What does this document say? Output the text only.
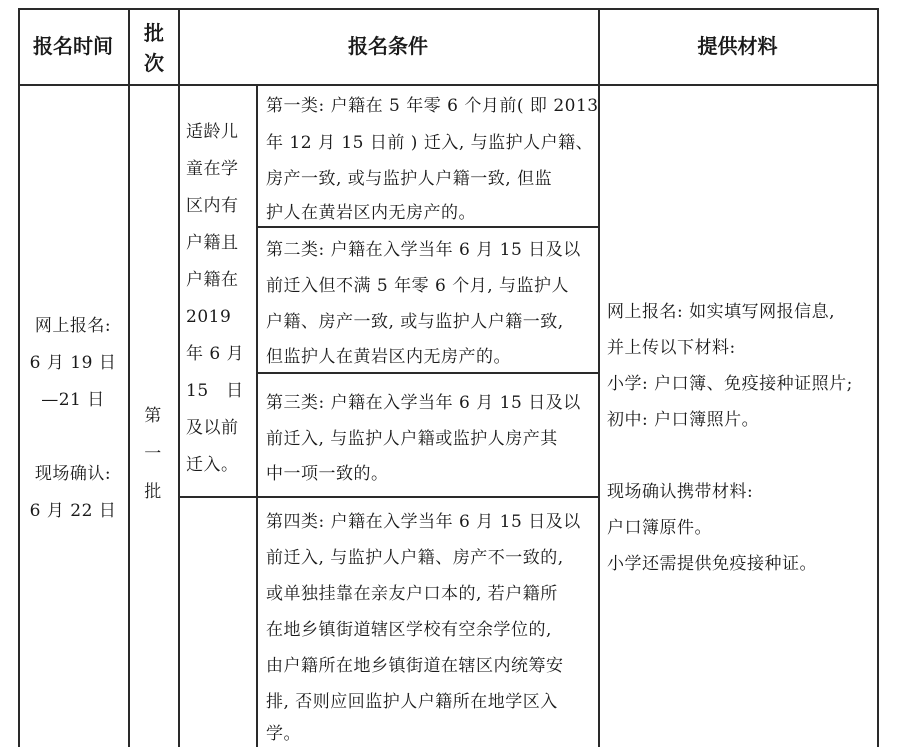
报名时间
批次
报名条件	提供材料
网上报名:
6 月 19 日
—21 日
现场确认:
6 月 22 日
第
一
批
适龄儿
童在学
区内有
户籍且
户籍在
2019
年 6 月
15　日
及以前
迁入。
第一类: 户籍在 5 年零 6 个月前( 即 2013
年 12 月 15 日前 ) 迁入, 与监护人户籍、
房产一致, 或与监护人户籍一致, 但监
护人在黄岩区内无房产的。
第二类: 户籍在入学当年 6 月 15 日及以
前迁入但不满 5 年零 6 个月, 与监护人
户籍、房产一致, 或与监护人户籍一致,
但监护人在黄岩区内无房产的。
第三类: 户籍在入学当年 6 月 15 日及以
前迁入, 与监护人户籍或监护人房产其
中一项一致的。
第四类: 户籍在入学当年 6 月 15 日及以
前迁入, 与监护人户籍、房产不一致的,
或单独挂靠在亲友户口本的, 若户籍所
在地乡镇街道辖区学校有空余学位的,
由户籍所在地乡镇街道在辖区内统筹安
排, 否则应回监护人户籍所在地学区入
学。
网上报名: 如实填写网报信息,
并上传以下材料:
小学: 户口簿、免疫接种证照片;
初中: 户口簿照片。
现场确认携带材料:
户口簿原件。
小学还需提供免疫接种证。
